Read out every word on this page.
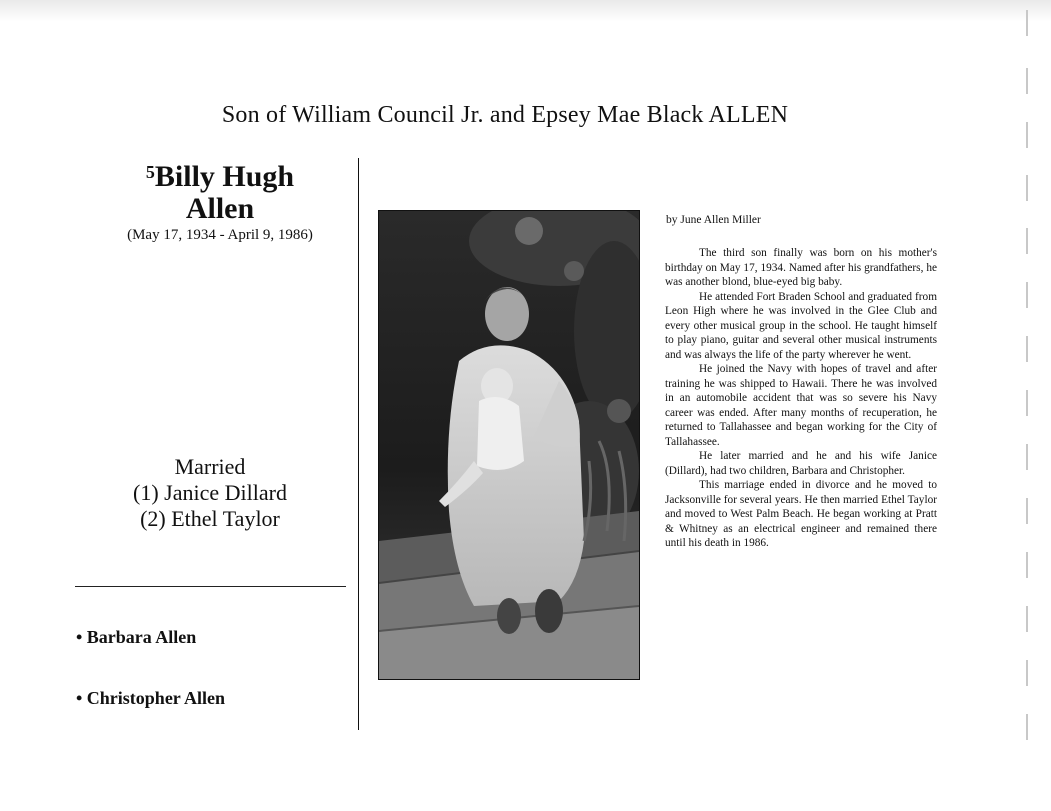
Son of William Council Jr. and Epsey Mae Black ALLEN
$^5$Billy Hugh
Allen
(May 17, 1934 - April 9, 1986)
Married
(1) Janice Dillard
(2) Ethel Taylor
• Barbara Allen
• Christopher Allen
by June Allen Miller

The third son finally was born on his mother's birthday on May 17, 1934. Named after his grandfathers, he was another blond, blue-eyed big baby.

He attended Fort Braden School and graduated from Leon High where he was involved in the Glee Club and every other musical group in the school. He taught himself to play piano, guitar and several other musical instruments and was always the life of the party wherever he went.

He joined the Navy with hopes of travel and after training he was shipped to Hawaii. There he was involved in an automobile accident that was so severe his Navy career was ended. After many months of recuperation, he returned to Tallahassee and began working for the City of Tallahassee.

He later married and he and his wife Janice (Dillard), had two children, Barbara and Christopher.

This marriage ended in divorce and he moved to Jacksonville for several years. He then married Ethel Taylor and moved to West Palm Beach. He began working at Pratt & Whitney as an electrical engineer and remained there until his death in 1986.
